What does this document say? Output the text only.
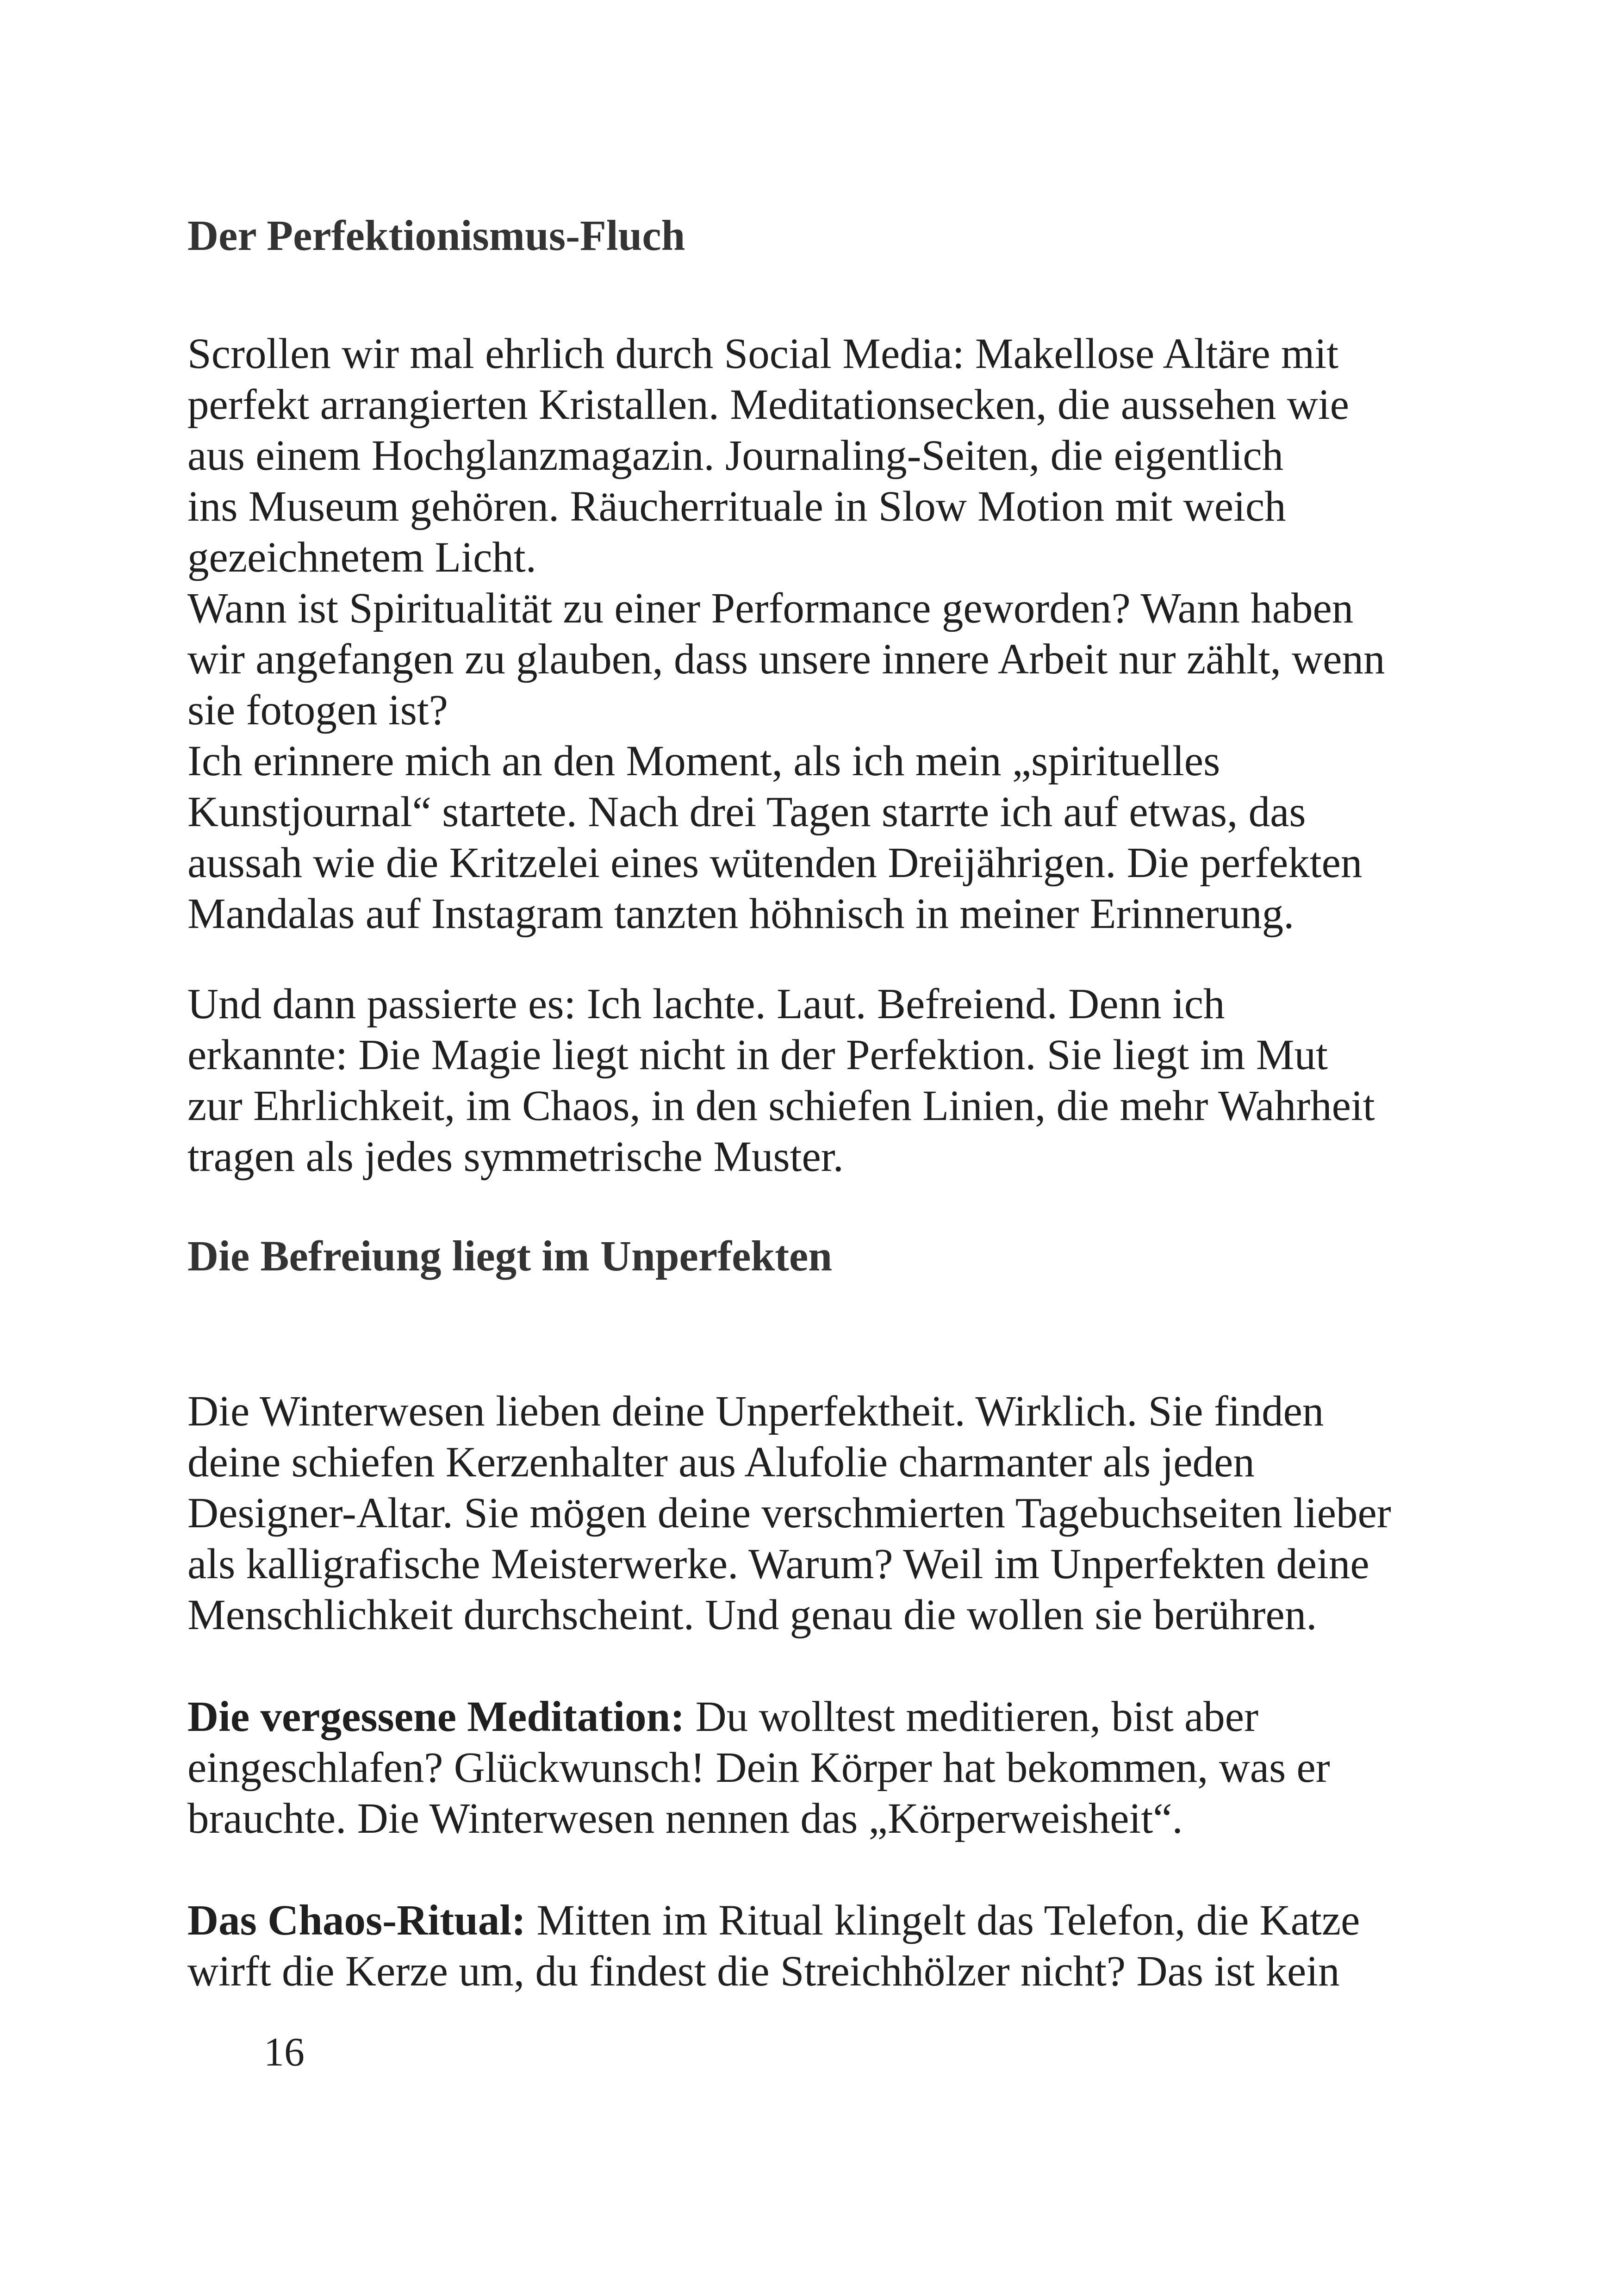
Der Perfektionismus-Fluch

Scrollen wir mal ehrlich durch Social Media: Makellose Altäre mit
perfekt arrangierten Kristallen. Meditationsecken, die aussehen wie
aus einem Hochglanzmagazin. Journaling-Seiten, die eigentlich
ins Museum gehören. Räucherrituale in Slow Motion mit weich
gezeichnetem Licht.
Wann ist Spiritualität zu einer Performance geworden? Wann haben
wir angefangen zu glauben, dass unsere innere Arbeit nur zählt, wenn
sie fotogen ist?
Ich erinnere mich an den Moment, als ich mein „spirituelles
Kunstjournal“ startete. Nach drei Tagen starrte ich auf etwas, das
aussah wie die Kritzelei eines wütenden Dreijährigen. Die perfekten
Mandalas auf Instagram tanzten höhnisch in meiner Erinnerung.

Und dann passierte es: Ich lachte. Laut. Befreiend. Denn ich
erkannte: Die Magie liegt nicht in der Perfektion. Sie liegt im Mut
zur Ehrlichkeit, im Chaos, in den schiefen Linien, die mehr Wahrheit
tragen als jedes symmetrische Muster.

Die Befreiung liegt im Unperfekten

Die Winterwesen lieben deine Unperfektheit. Wirklich. Sie finden
deine schiefen Kerzenhalter aus Alufolie charmanter als jeden
Designer-Altar. Sie mögen deine verschmierten Tagebuchseiten lieber
als kalligrafische Meisterwerke. Warum? Weil im Unperfekten deine
Menschlichkeit durchscheint. Und genau die wollen sie berühren.

Die vergessene Meditation: Du wolltest meditieren, bist aber
eingeschlafen? Glückwunsch! Dein Körper hat bekommen, was er
brauchte. Die Winterwesen nennen das „Körperweisheit“.

Das Chaos-Ritual: Mitten im Ritual klingelt das Telefon, die Katze
wirft die Kerze um, du findest die Streichhölzer nicht? Das ist kein

16
